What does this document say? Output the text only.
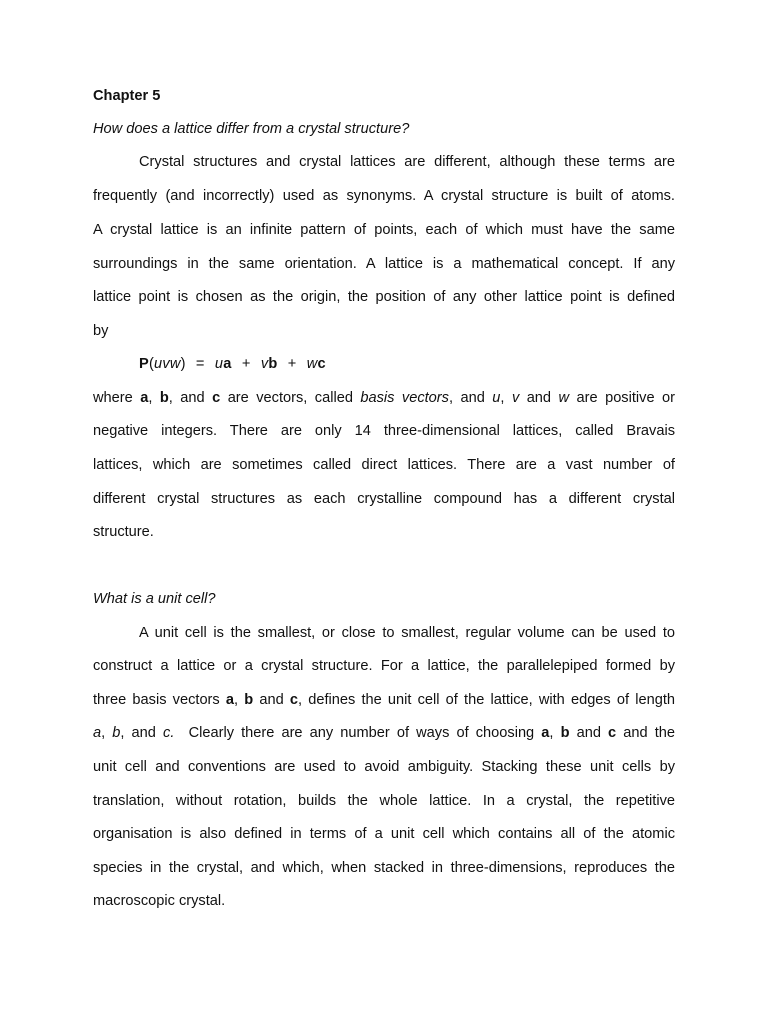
Chapter 5
How does a lattice differ from a crystal structure?
Crystal structures and crystal lattices are different, although these terms are
frequently (and incorrectly) used as synonyms. A crystal structure is built of atoms.
A crystal lattice is an infinite pattern of points, each of which must have the same
surroundings in the same orientation. A lattice is a mathematical concept. If any
lattice point is chosen as the origin, the position of any other lattice point is defined
by
P(uvw) = ua + vb + wc
where a, b, and c are vectors, called basis vectors, and u, v and w are positive or
negative integers. There are only 14 three-dimensional lattices, called Bravais
lattices, which are sometimes called direct lattices. There are a vast number of
different crystal structures as each crystalline compound has a different crystal
structure.
What is a unit cell?
A unit cell is the smallest, or close to smallest, regular volume can be used to
construct a lattice or a crystal structure. For a lattice, the parallelepiped formed by
three basis vectors a, b and c, defines the unit cell of the lattice, with edges of length
a, b, and c.  Clearly there are any number of ways of choosing a, b and c and the
unit cell and conventions are used to avoid ambiguity. Stacking these unit cells by
translation, without rotation, builds the whole lattice. In a crystal, the repetitive
organisation is also defined in terms of a unit cell which contains all of the atomic
species in the crystal, and which, when stacked in three-dimensions, reproduces the
macroscopic crystal.
